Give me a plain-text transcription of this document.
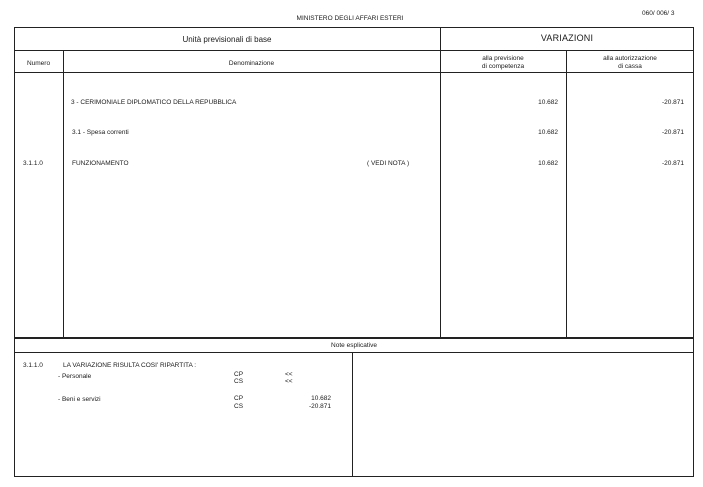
060/ 006/ 3
MINISTERO DEGLI AFFARI ESTERI
Unità previsionali di base	VARIAZIONI
Numero	Denominazione
alla previsione
di competenza
alla autorizzazione
di cassa
3 - CERIMONIALE DIPLOMATICO DELLA REPUBBLICA	10.682	-20.871
3.1 - Spesa correnti	10.682	-20.871
3.1.1.0	FUNZIONAMENTO	( VEDI NOTA )	10.682	-20.871
Note esplicative
3.1.1.0	LA VARIAZIONE RISULTA COSI' RIPARTITA :
- Personale	CP	<<
CS	<<
- Beni e servizi	CP	10.682
CS	-20.871
